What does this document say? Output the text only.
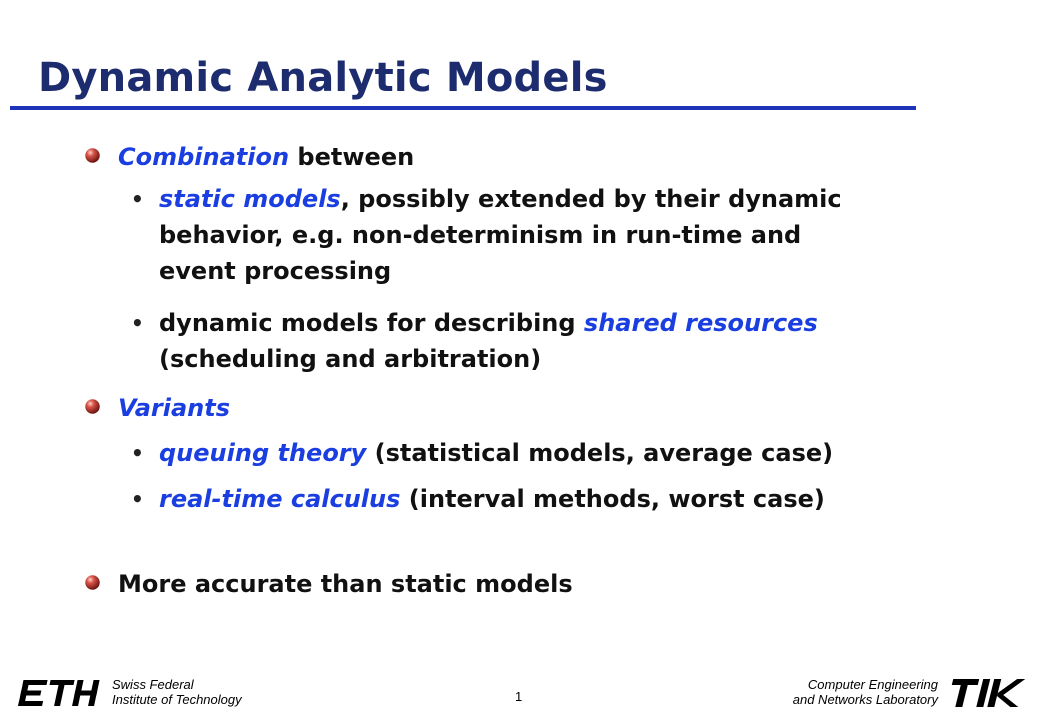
Dynamic Analytic Models
Combination between
• static models, possibly extended by their dynamic
behavior, e.g. non-determinism in run-time and
event processing
• dynamic models for describing shared resources
(scheduling and arbitration)
Variants
• queuing theory (statistical models, average case)
• real-time calculus (interval methods, worst case)
More accurate than static models
Swiss Federal
Institute of Technology	1
Computer Engineering
and Networks Laboratory
